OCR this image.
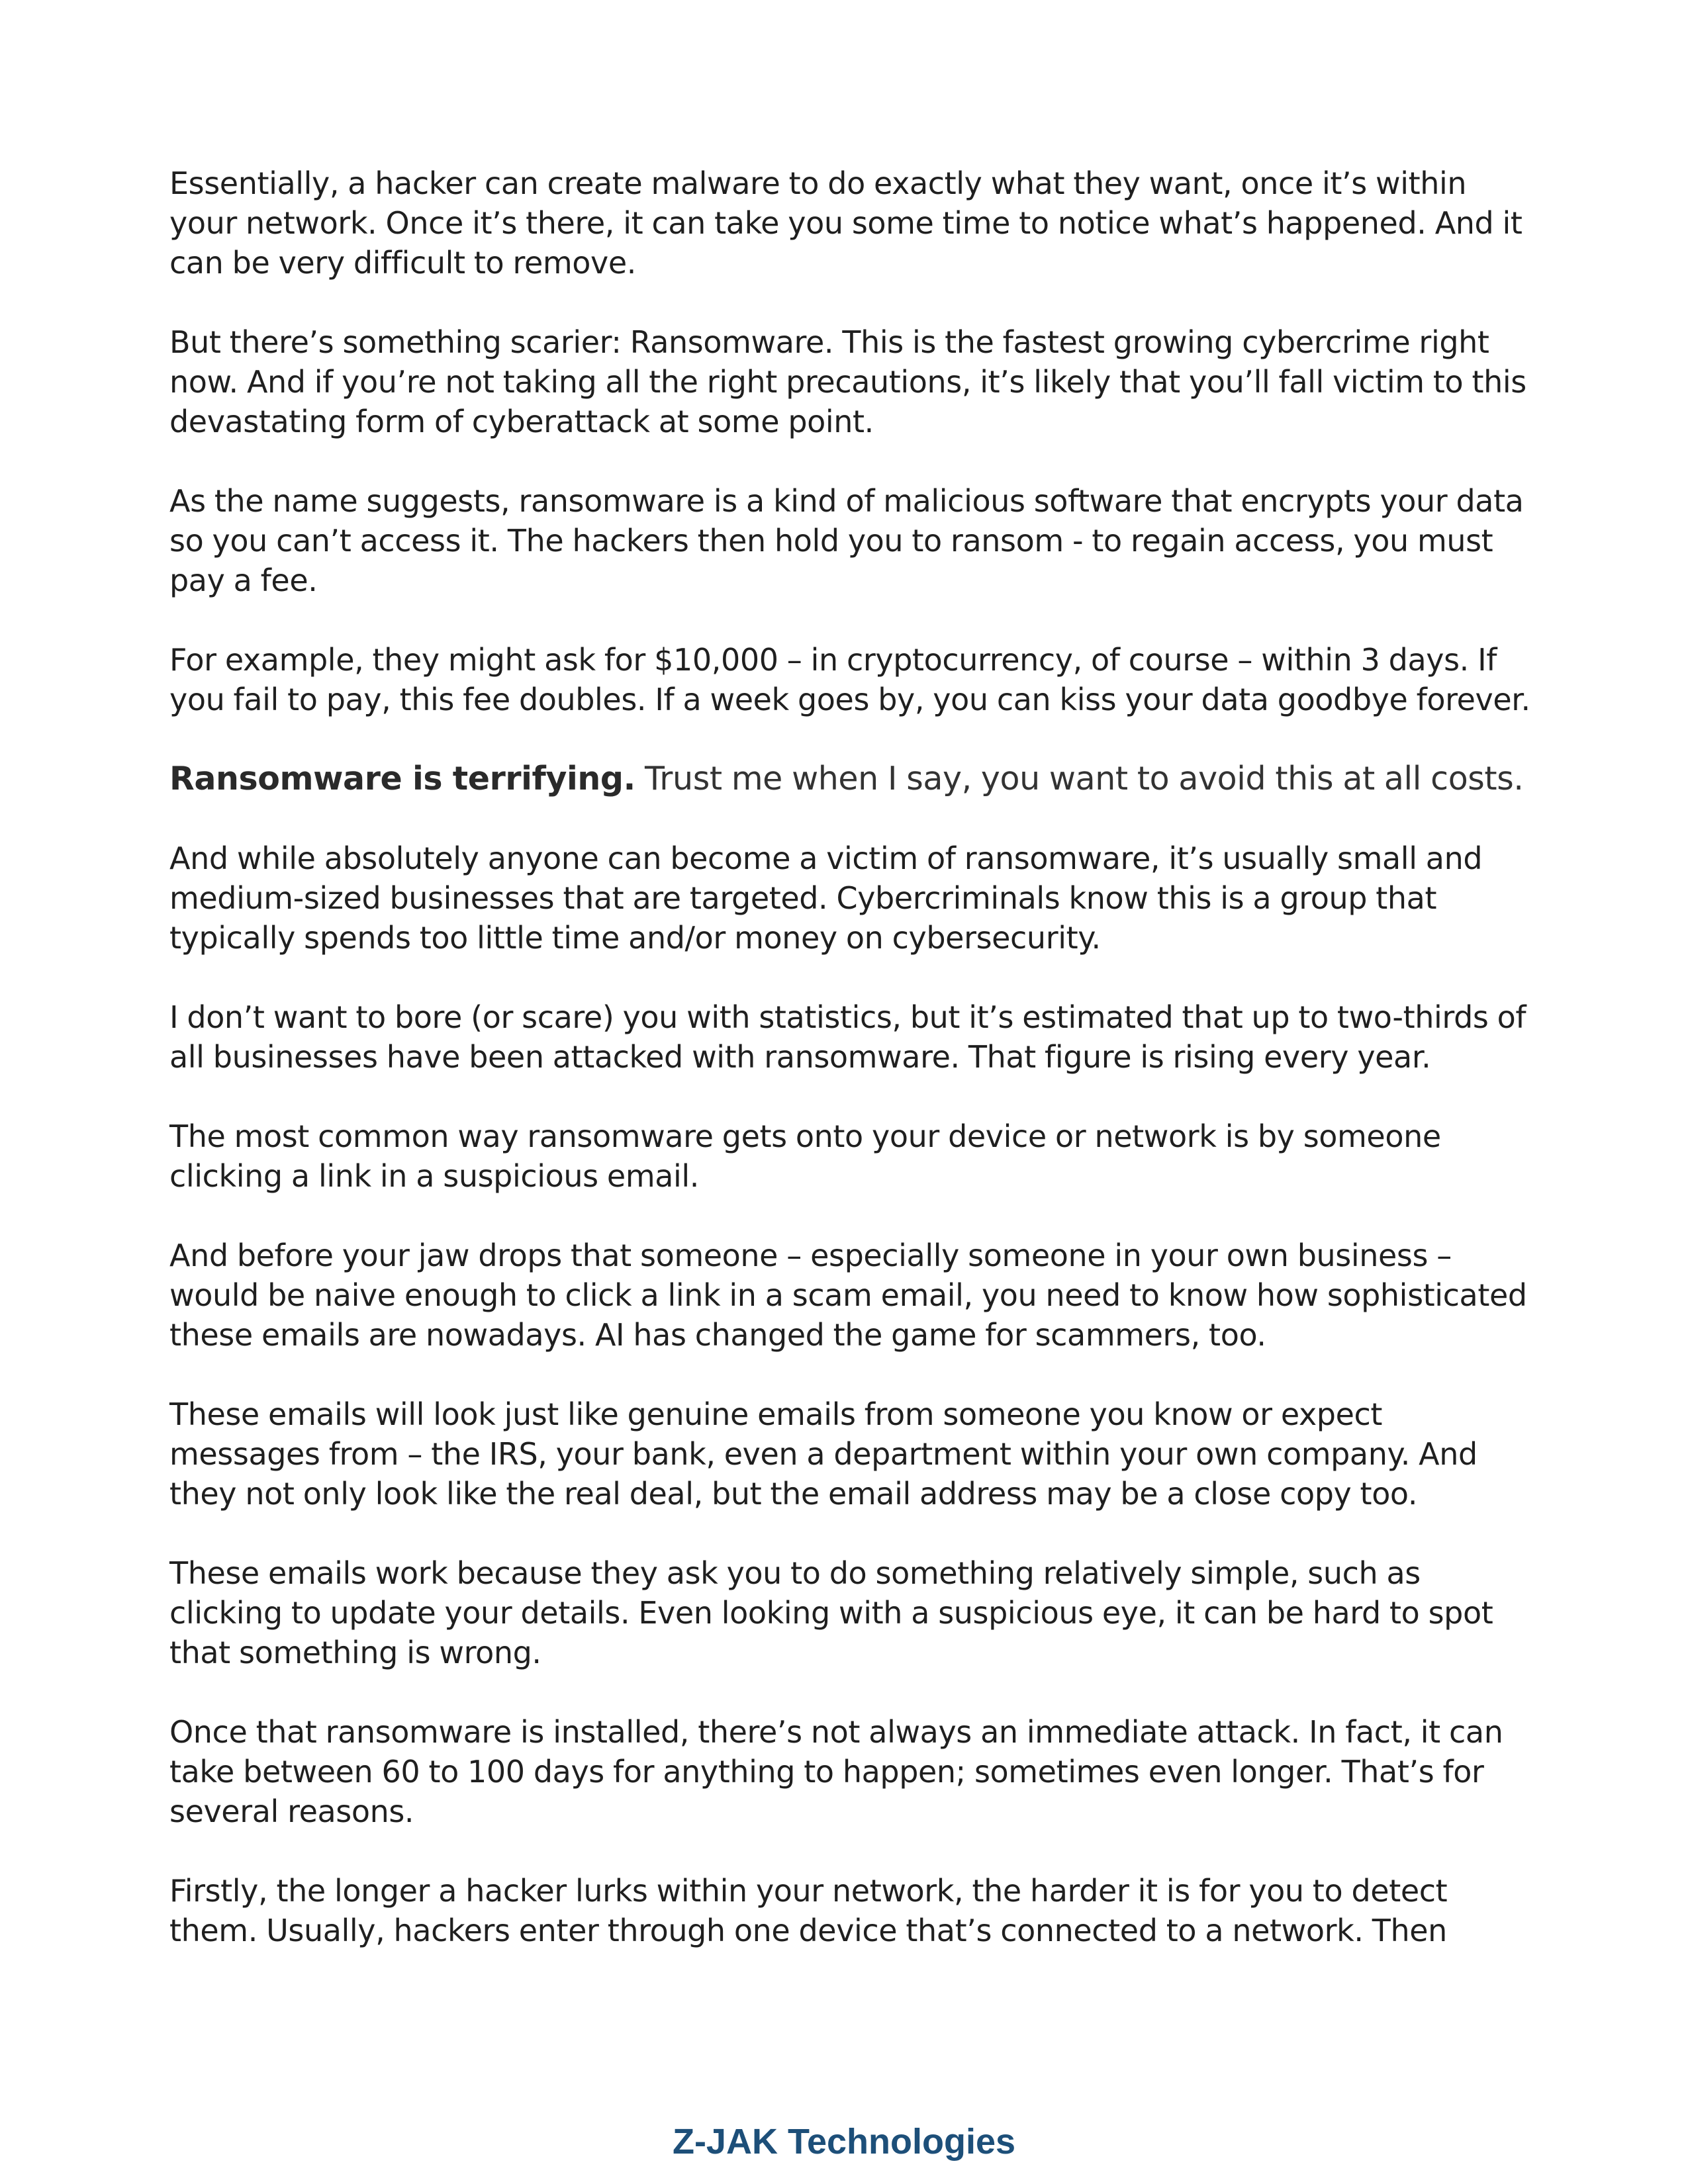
Essentially, a hacker can create malware to do exactly what they want, once it’s within your network. Once it’s there, it can take you some time to notice what’s happened. And it can be very difficult to remove.

But there’s something scarier: Ransomware. This is the fastest growing cybercrime right now. And if you’re not taking all the right precautions, it’s likely that you’ll fall victim to this devastating form of cyberattack at some point.

As the name suggests, ransomware is a kind of malicious software that encrypts your data so you can’t access it. The hackers then hold you to ransom - to regain access, you must pay a fee.

For example, they might ask for $10,000 – in cryptocurrency, of course – within 3 days. If you fail to pay, this fee doubles. If a week goes by, you can kiss your data goodbye forever.

Ransomware is terrifying. Trust me when I say, you want to avoid this at all costs.

And while absolutely anyone can become a victim of ransomware, it’s usually small and medium-sized businesses that are targeted. Cybercriminals know this is a group that typically spends too little time and/or money on cybersecurity.

I don’t want to bore (or scare) you with statistics, but it’s estimated that up to two-thirds of all businesses have been attacked with ransomware. That figure is rising every year.

The most common way ransomware gets onto your device or network is by someone clicking a link in a suspicious email.

And before your jaw drops that someone – especially someone in your own business – would be naive enough to click a link in a scam email, you need to know how sophisticated these emails are nowadays. AI has changed the game for scammers, too.

These emails will look just like genuine emails from someone you know or expect messages from – the IRS, your bank, even a department within your own company. And they not only look like the real deal, but the email address may be a close copy too.

These emails work because they ask you to do something relatively simple, such as clicking to update your details. Even looking with a suspicious eye, it can be hard to spot that something is wrong.

Once that ransomware is installed, there’s not always an immediate attack. In fact, it can take between 60 to 100 days for anything to happen; sometimes even longer. That’s for several reasons.

Firstly, the longer a hacker lurks within your network, the harder it is for you to detect them. Usually, hackers enter through one device that’s connected to a network. Then

Z-JAK Technologies
